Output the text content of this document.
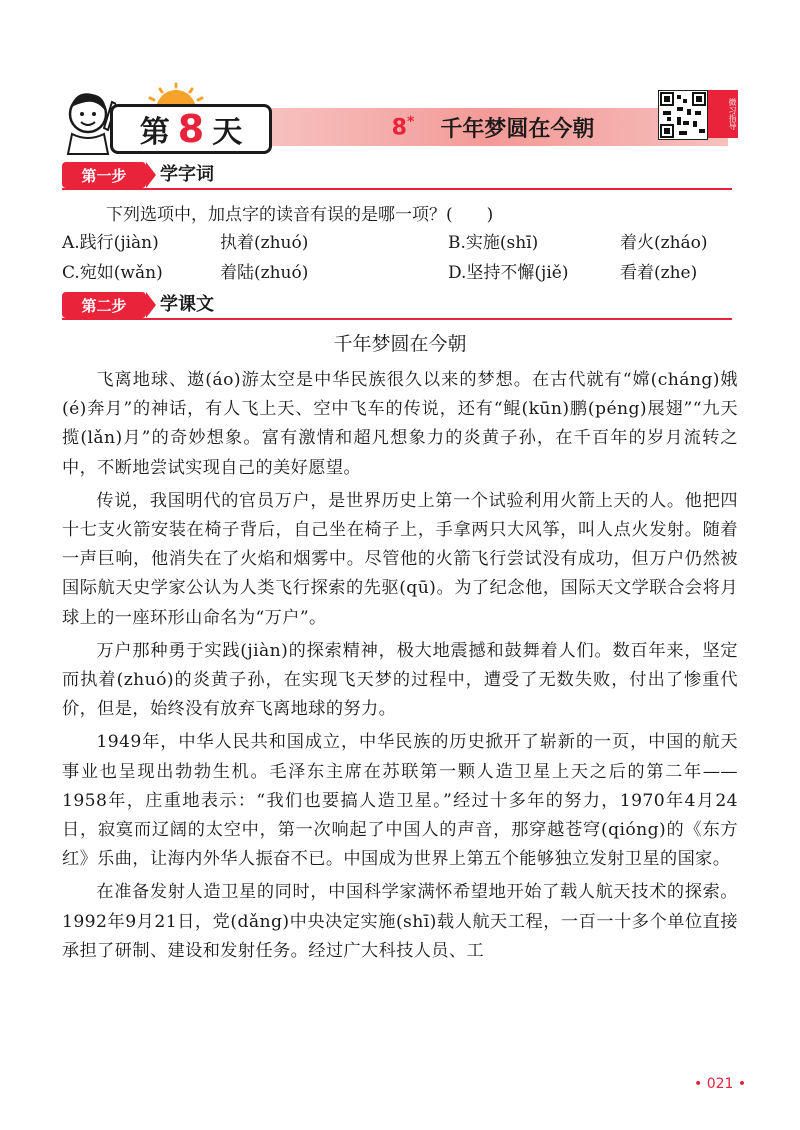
8* 千年梦圆在今朝
第 8 天
微习指导
第一步	学字词
下列选项中，加点字的读音有误的是哪一项？(　　)
A.践行(jiàn)	执着(zhuó)	B.实施(shī)	着火(zháo)
C.宛如(wǎn)	着陆(zhuó)	D.坚持不懈(jiě)	看着(zhe)
第二步	学课文
千年梦圆在今朝

飞离地球、遨(áo)游太空是中华民族很久以来的梦想。在古代就有“嫦(cháng)娥(é)奔月”的神话，有人飞上天、空中飞车的传说，还有“鲲(kūn)鹏(péng)展翅”“九天揽(lǎn)月”的奇妙想象。富有激情和超凡想象力的炎黄子孙，在千百年的岁月流转之中，不断地尝试实现自己的美好愿望。

传说，我国明代的官员万户，是世界历史上第一个试验利用火箭上天的人。他把四十七支火箭安装在椅子背后，自己坐在椅子上，手拿两只大风筝，叫人点火发射。随着一声巨响，他消失在了火焰和烟雾中。尽管他的火箭飞行尝试没有成功，但万户仍然被国际航天史学家公认为人类飞行探索的先驱(qū)。为了纪念他，国际天文学联合会将月球上的一座环形山命名为“万户”。

万户那种勇于实践(jiàn)的探索精神，极大地震撼和鼓舞着人们。数百年来，坚定而执着(zhuó)的炎黄子孙，在实现飞天梦的过程中，遭受了无数失败，付出了惨重代价，但是，始终没有放弃飞离地球的努力。

1949年，中华人民共和国成立，中华民族的历史掀开了崭新的一页，中国的航天事业也呈现出勃勃生机。毛泽东主席在苏联第一颗人造卫星上天之后的第二年——1958年，庄重地表示：“我们也要搞人造卫星。”经过十多年的努力，1970年4月24日，寂寞而辽阔的太空中，第一次响起了中国人的声音，那穿越苍穹(qióng)的《东方红》乐曲，让海内外华人振奋不已。中国成为世界上第五个能够独立发射卫星的国家。

在准备发射人造卫星的同时，中国科学家满怀希望地开始了载人航天技术的探索。1992年9月21日，党(dǎng)中央决定实施(shī)载人航天工程，一百一十多个单位直接承担了研制、建设和发射任务。经过广大科技人员、工

• 021 •
